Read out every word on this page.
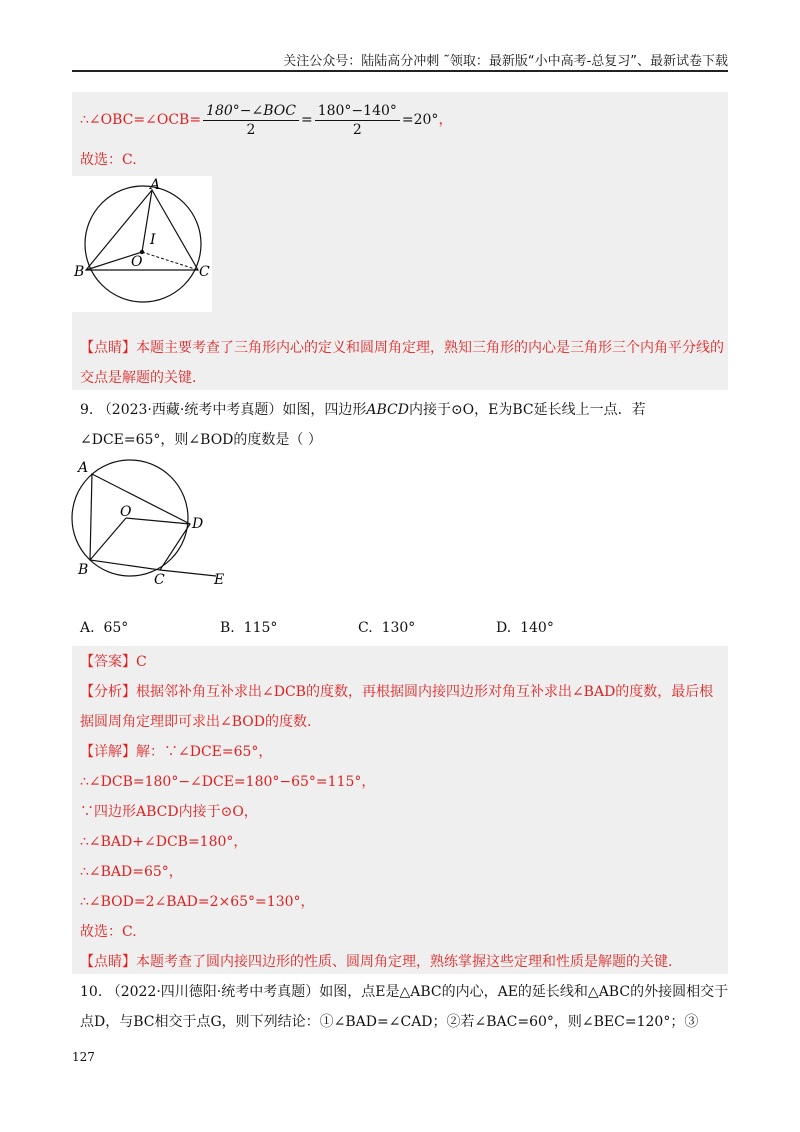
关注公众号：陆陆高分冲刺 ˜领取：最新版“小中高考-总复习”、最新试卷下载
∴∠OBC=∠OCB= $\frac{\text{180°−∠BOC}}{2} = \frac{180^\circ-140^\circ}{2} =20^\circ$，
故选：C.
A
B	C
O
I
【点睛】本题主要考查了三角形内心的定义和圆周角定理，熟知三角形的内心是三角形三个内角平分线的
交点是解题的关键.
9. （2023·西藏·统考中考真题）如图，四边形ABCD内接于⊙O，E为BC延长线上一点．若
∠DCE=65°，则∠BOD的度数是（ ）
A
O
D
B
C	E
A. 65°	B. 115°	C. 130°	D. 140°
【答案】C
【分析】根据邻补角互补求出∠DCB的度数，再根据圆内接四边形对角互补求出∠BAD的度数，最后根
据圆周角定理即可求出∠BOD的度数.
【详解】解：∵∠DCE=65°，
∴∠DCB=180°−∠DCE=180°−65°=115°，
∵四边形ABCD内接于⊙O，
∴∠BAD+∠DCB=180°，
∴∠BAD=65°，
∴∠BOD=2∠BAD=2×65°=130°，
故选：C.
【点睛】本题考查了圆内接四边形的性质、圆周角定理，熟练掌握这些定理和性质是解题的关键.
10. （2022·四川德阳·统考中考真题）如图，点E是△ABC的内心，AE的延长线和△ABC的外接圆相交于
点D，与BC相交于点G，则下列结论：①∠BAD=∠CAD；②若∠BAC=60°，则∠BEC=120°；③
127
